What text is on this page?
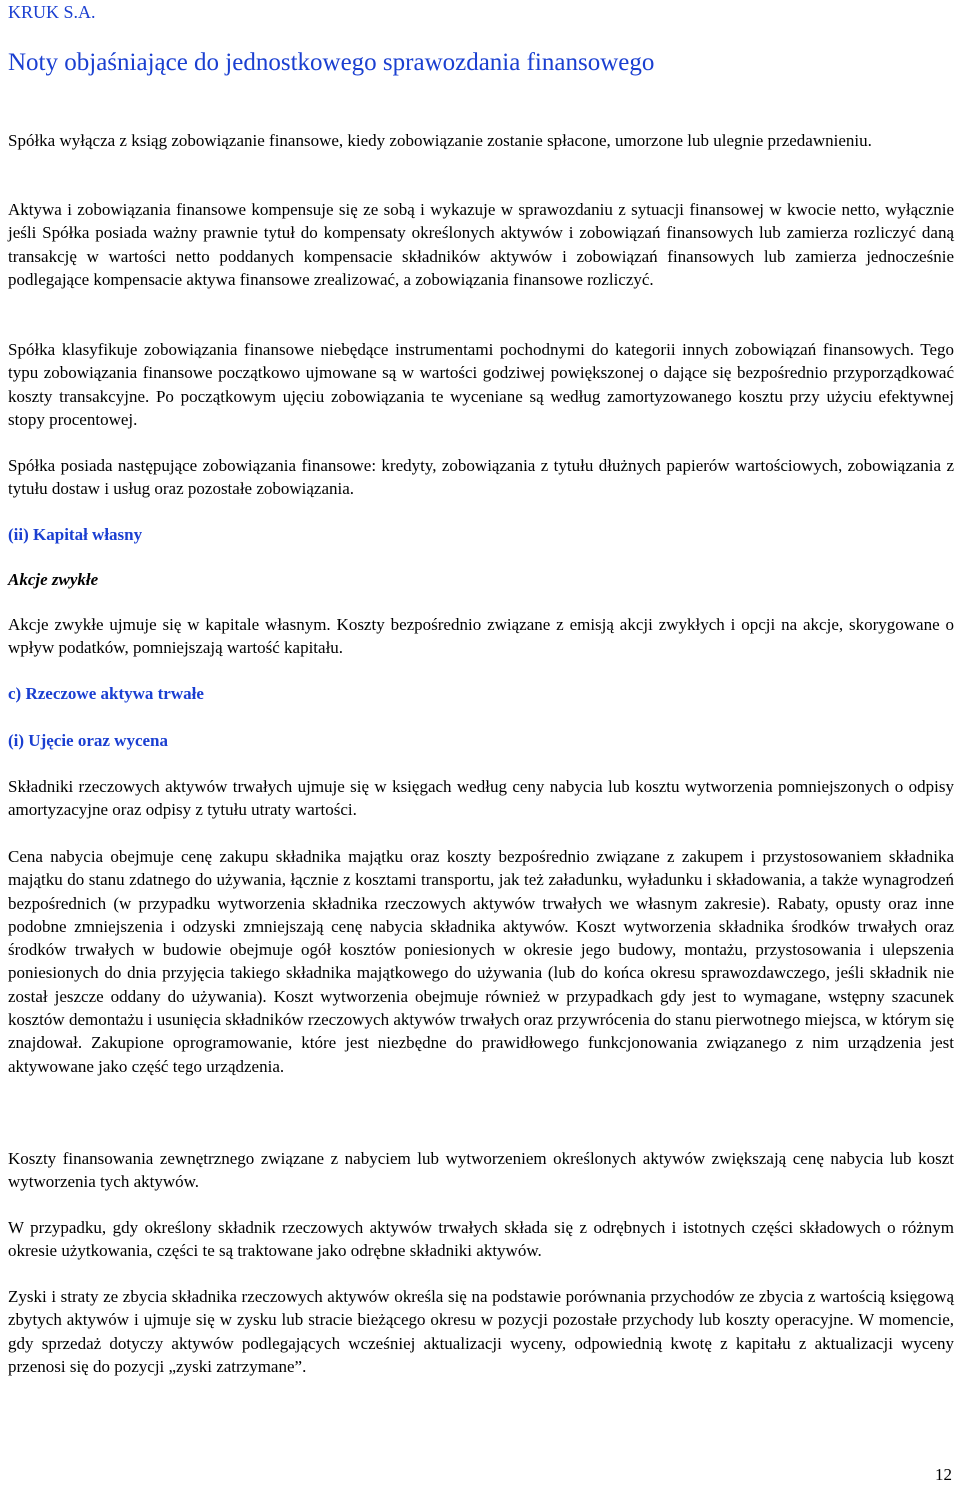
KRUK S.A.
Noty objaśniające do jednostkowego sprawozdania finansowego

Spółka wyłącza z ksiąg zobowiązanie finansowe, kiedy zobowiązanie zostanie spłacone, umorzone lub ulegnie przedawnieniu.

Aktywa i zobowiązania finansowe kompensuje się ze sobą i wykazuje w sprawozdaniu z sytuacji finansowej w kwocie netto, wyłącznie jeśli Spółka posiada ważny prawnie tytuł do kompensaty określonych aktywów i zobowiązań finansowych lub zamierza rozliczyć daną transakcję w wartości netto poddanych kompensacie składników aktywów i zobowiązań finansowych lub zamierza jednocześnie podlegające kompensacie aktywa finansowe zrealizować, a zobowiązania finansowe rozliczyć.

Spółka klasyfikuje zobowiązania finansowe niebędące instrumentami pochodnymi do kategorii innych zobowiązań finansowych. Tego typu zobowiązania finansowe początkowo ujmowane są w wartości godziwej powiększonej o dające się bezpośrednio przyporządkować koszty transakcyjne. Po początkowym ujęciu zobowiązania te wyceniane są według zamortyzowanego kosztu przy użyciu efektywnej stopy procentowej.

Spółka posiada następujące zobowiązania finansowe: kredyty, zobowiązania z tytułu dłużnych papierów wartościowych, zobowiązania z tytułu dostaw i usług oraz pozostałe zobowiązania.

(ii) Kapitał własny
Akcje zwykłe

Akcje zwykłe ujmuje się w kapitale własnym. Koszty bezpośrednio związane z emisją akcji zwykłych i opcji na akcje, skorygowane o wpływ podatków, pomniejszają wartość kapitału.

c) Rzeczowe aktywa trwałe
(i) Ujęcie oraz wycena

Składniki rzeczowych aktywów trwałych ujmuje się w księgach według ceny nabycia lub kosztu wytworzenia pomniejszonych o odpisy amortyzacyjne oraz odpisy z tytułu utraty wartości.

Cena nabycia obejmuje cenę zakupu składnika majątku oraz koszty bezpośrednio związane z zakupem i przystosowaniem składnika majątku do stanu zdatnego do używania, łącznie z kosztami transportu, jak też załadunku, wyładunku i składowania, a także wynagrodzeń bezpośrednich (w przypadku wytworzenia składnika rzeczowych aktywów trwałych we własnym zakresie). Rabaty, opusty oraz inne podobne zmniejszenia i odzyski zmniejszają cenę nabycia składnika aktywów. Koszt wytworzenia składnika środków trwałych oraz środków trwałych w budowie obejmuje ogół kosztów poniesionych w okresie jego budowy, montażu, przystosowania i ulepszenia poniesionych do dnia przyjęcia takiego składnika majątkowego do używania (lub do końca okresu sprawozdawczego, jeśli składnik nie został jeszcze oddany do używania). Koszt wytworzenia obejmuje również w przypadkach gdy jest to wymagane, wstępny szacunek kosztów demontażu i usunięcia składników rzeczowych aktywów trwałych oraz przywrócenia do stanu pierwotnego miejsca, w którym się znajdował. Zakupione oprogramowanie, które jest niezbędne do prawidłowego funkcjonowania związanego z nim urządzenia jest aktywowane jako część tego urządzenia.

Koszty finansowania zewnętrznego związane z nabyciem lub wytworzeniem określonych aktywów zwiększają cenę nabycia lub koszt wytworzenia tych aktywów.

W przypadku, gdy określony składnik rzeczowych aktywów trwałych składa się z odrębnych i istotnych części składowych o różnym okresie użytkowania, części te są traktowane jako odrębne składniki aktywów.

Zyski i straty ze zbycia składnika rzeczowych aktywów określa się na podstawie porównania przychodów ze zbycia z wartością księgową zbytych aktywów i ujmuje się w zysku lub stracie bieżącego okresu w pozycji pozostałe przychody lub koszty operacyjne. W momencie, gdy sprzedaż dotyczy aktywów podlegających wcześniej aktualizacji wyceny, odpowiednią kwotę z kapitału z aktualizacji wyceny przenosi się do pozycji „zyski zatrzymane”.

12
